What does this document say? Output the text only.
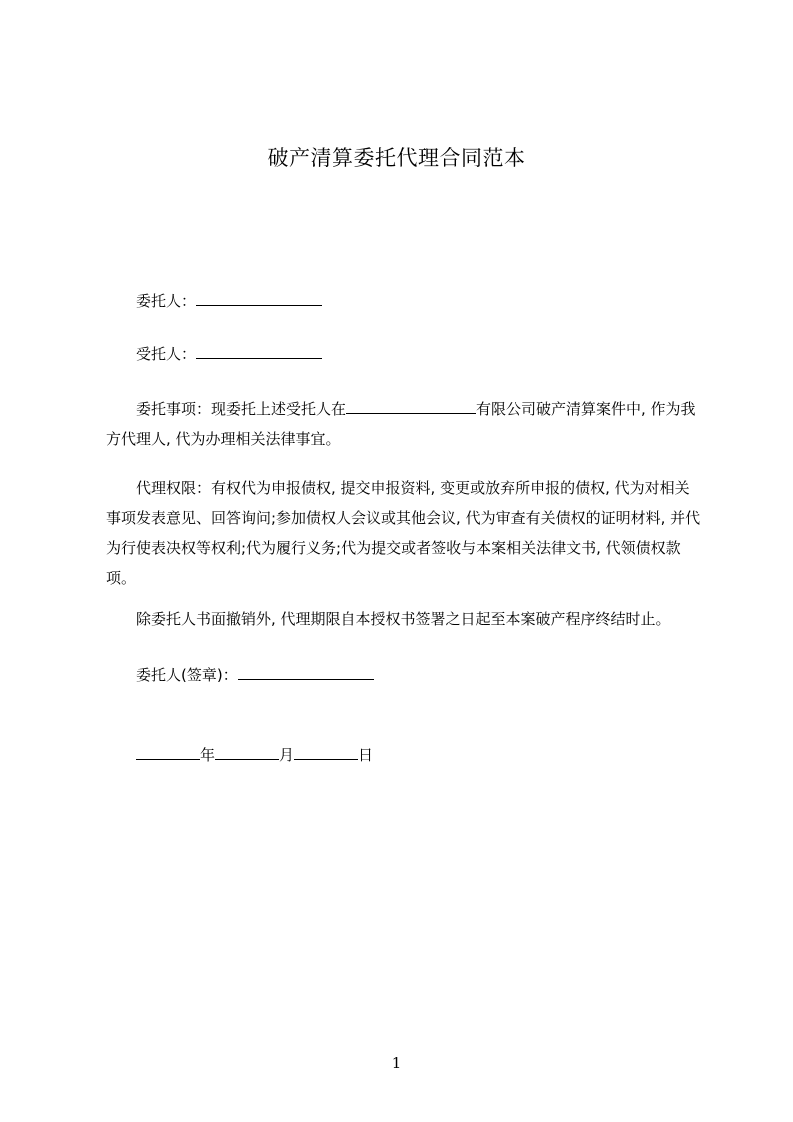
破产清算委托代理合同范本
委托人：
受托人：
委托事项：现委托上述受托人在	有限公司破产清算案件中, 作为我方代理人, 代为办理相关法律事宜。
代理权限：有权代为申报债权, 提交申报资料, 变更或放弃所申报的债权, 代为对相关事项发表意见、回答询问;参加债权人会议或其他会议, 代为审查有关债权的证明材料, 并代为行使表决权等权利;代为履行义务;代为提交或者签收与本案相关法律文书, 代领债权款项。
除委托人书面撤销外, 代理期限自本授权书签署之日起至本案破产程序终结时止。
委托人(签章)：
年	月	日
1
